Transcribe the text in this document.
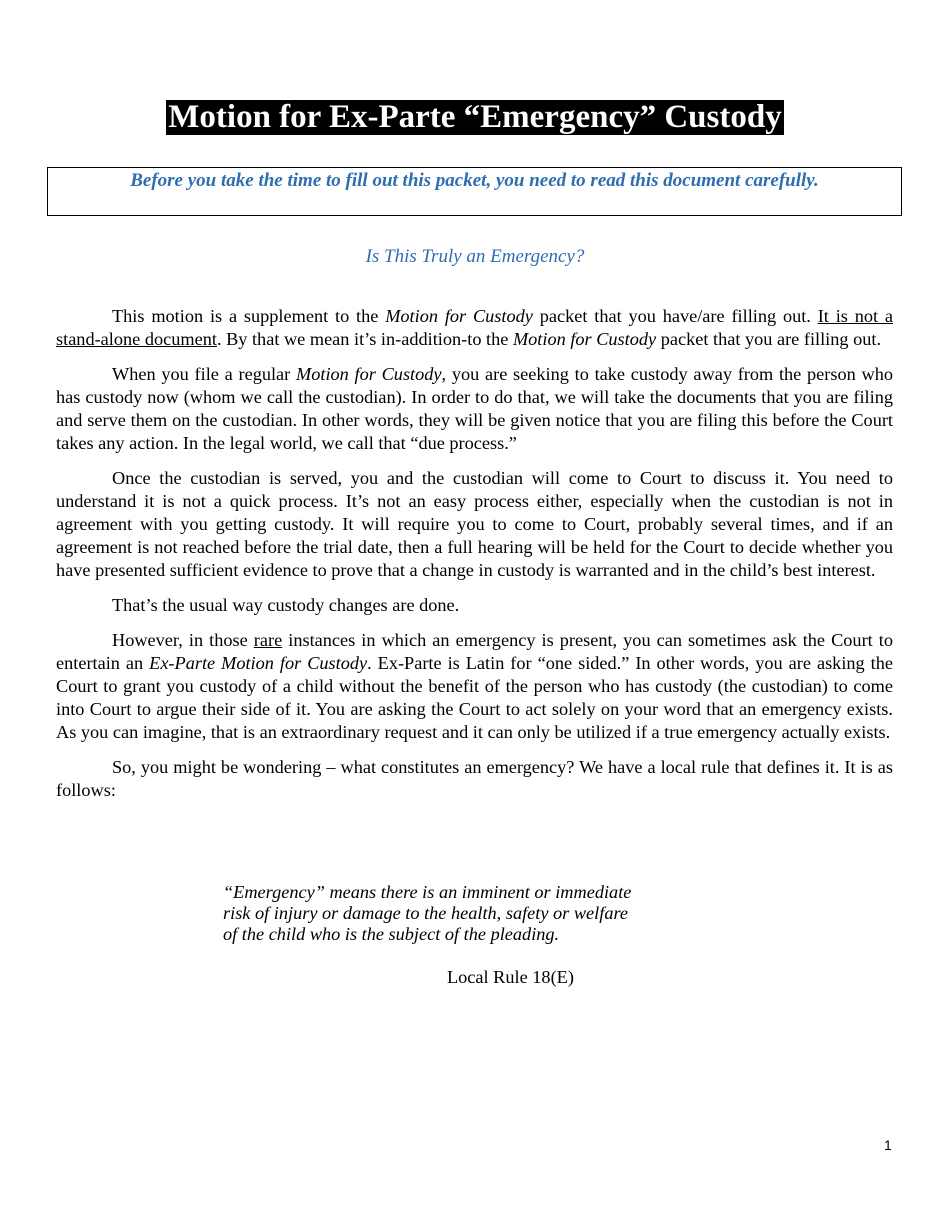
Motion for Ex-Parte “Emergency” Custody
Before you take the time to fill out this packet, you need to read this document carefully.
Is This Truly an Emergency?

This motion is a supplement to the Motion for Custody packet that you have/are filling out. It is not a stand-alone document. By that we mean it’s in-addition-to the Motion for Custody packet that you are filling out.

When you file a regular Motion for Custody, you are seeking to take custody away from the person who has custody now (whom we call the custodian). In order to do that, we will take the documents that you are filing and serve them on the custodian. In other words, they will be given notice that you are filing this before the Court takes any action. In the legal world, we call that “due process.”

Once the custodian is served, you and the custodian will come to Court to discuss it. You need to understand it is not a quick process. It’s not an easy process either, especially when the custodian is not in agreement with you getting custody. It will require you to come to Court, probably several times, and if an agreement is not reached before the trial date, then a full hearing will be held for the Court to decide whether you have presented sufficient evidence to prove that a change in custody is warranted and in the child’s best interest.

That’s the usual way custody changes are done.

However, in those rare instances in which an emergency is present, you can sometimes ask the Court to entertain an Ex-Parte Motion for Custody. Ex-Parte is Latin for “one sided.” In other words, you are asking the Court to grant you custody of a child without the benefit of the person who has custody (the custodian) to come into Court to argue their side of it. You are asking the Court to act solely on your word that an emergency exists. As you can imagine, that is an extraordinary request and it can only be utilized if a true emergency actually exists.

So, you might be wondering – what constitutes an emergency? We have a local rule that defines it. It is as follows:

“Emergency” means there is an imminent or immediate risk of injury or damage to the health, safety or welfare of the child who is the subject of the pleading.
Local Rule 18(E)
1
